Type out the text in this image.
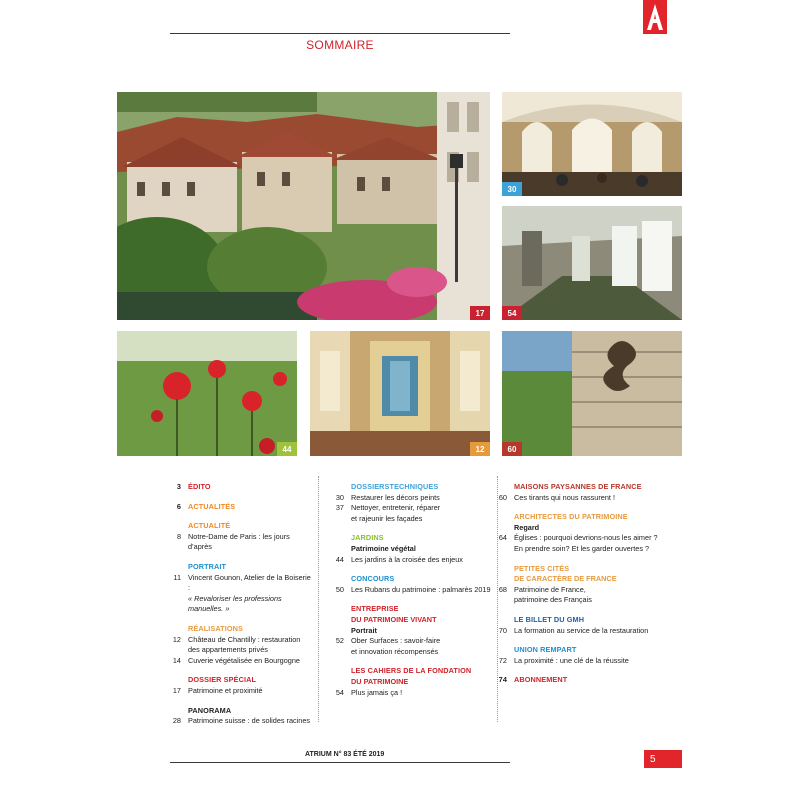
SOMMAIRE
17
30
54
44	12	60
3 ÉDITO
6 ACTUALITÉS
ACTUALITÉ
8 Notre-Dame de Paris : les jours d’après
PORTRAIT
11 Vincent Gounon, Atelier de la Boiserie :
« Revaloriser les professions manuelles. »
RÉALISATIONS
12 Château de Chantilly : restauration
des appartements privés
14 Cuverie végétalisée en Bourgogne
DOSSIER SPÉCIAL
17 Patrimoine et proximité
PANORAMA
28 Patrimoine suisse : de solides racines
DOSSIERSTECHNIQUES
30 Restaurer les décors peints
37 Nettoyer, entretenir, réparer
et rajeunir les façades
JARDINS
Patrimoine végétal
44 Les jardins à la croisée des enjeux
CONCOURS
50 Les Rubans du patrimoine : palmarès 2019
ENTREPRISE
DU PATRIMOINE VIVANT
Portrait
52 Ober Surfaces : savoir-faire
et innovation récompensés
LES CAHIERS DE LA FONDATION
DU PATRIMOINE
54 Plus jamais ça !
MAISONS PAYSANNES DE FRANCE
60 Ces tirants qui nous rassurent !
ARCHITECTES DU PATRIMOINE
Regard
64 Églises : pourquoi devrions-nous les aimer ?
En prendre soin? Et les garder ouvertes ?
PETITES CITÉS
DE CARACTÈRE DE FRANCE
68 Patrimoine de France,
patrimoine des Français
LE BILLET DU GMH
70 La formation au service de la restauration
UNION REMPART
72 La proximité : une clé de la réussite
74 ABONNEMENT
ATRIUM N° 83 ÉTÉ 2019	5
